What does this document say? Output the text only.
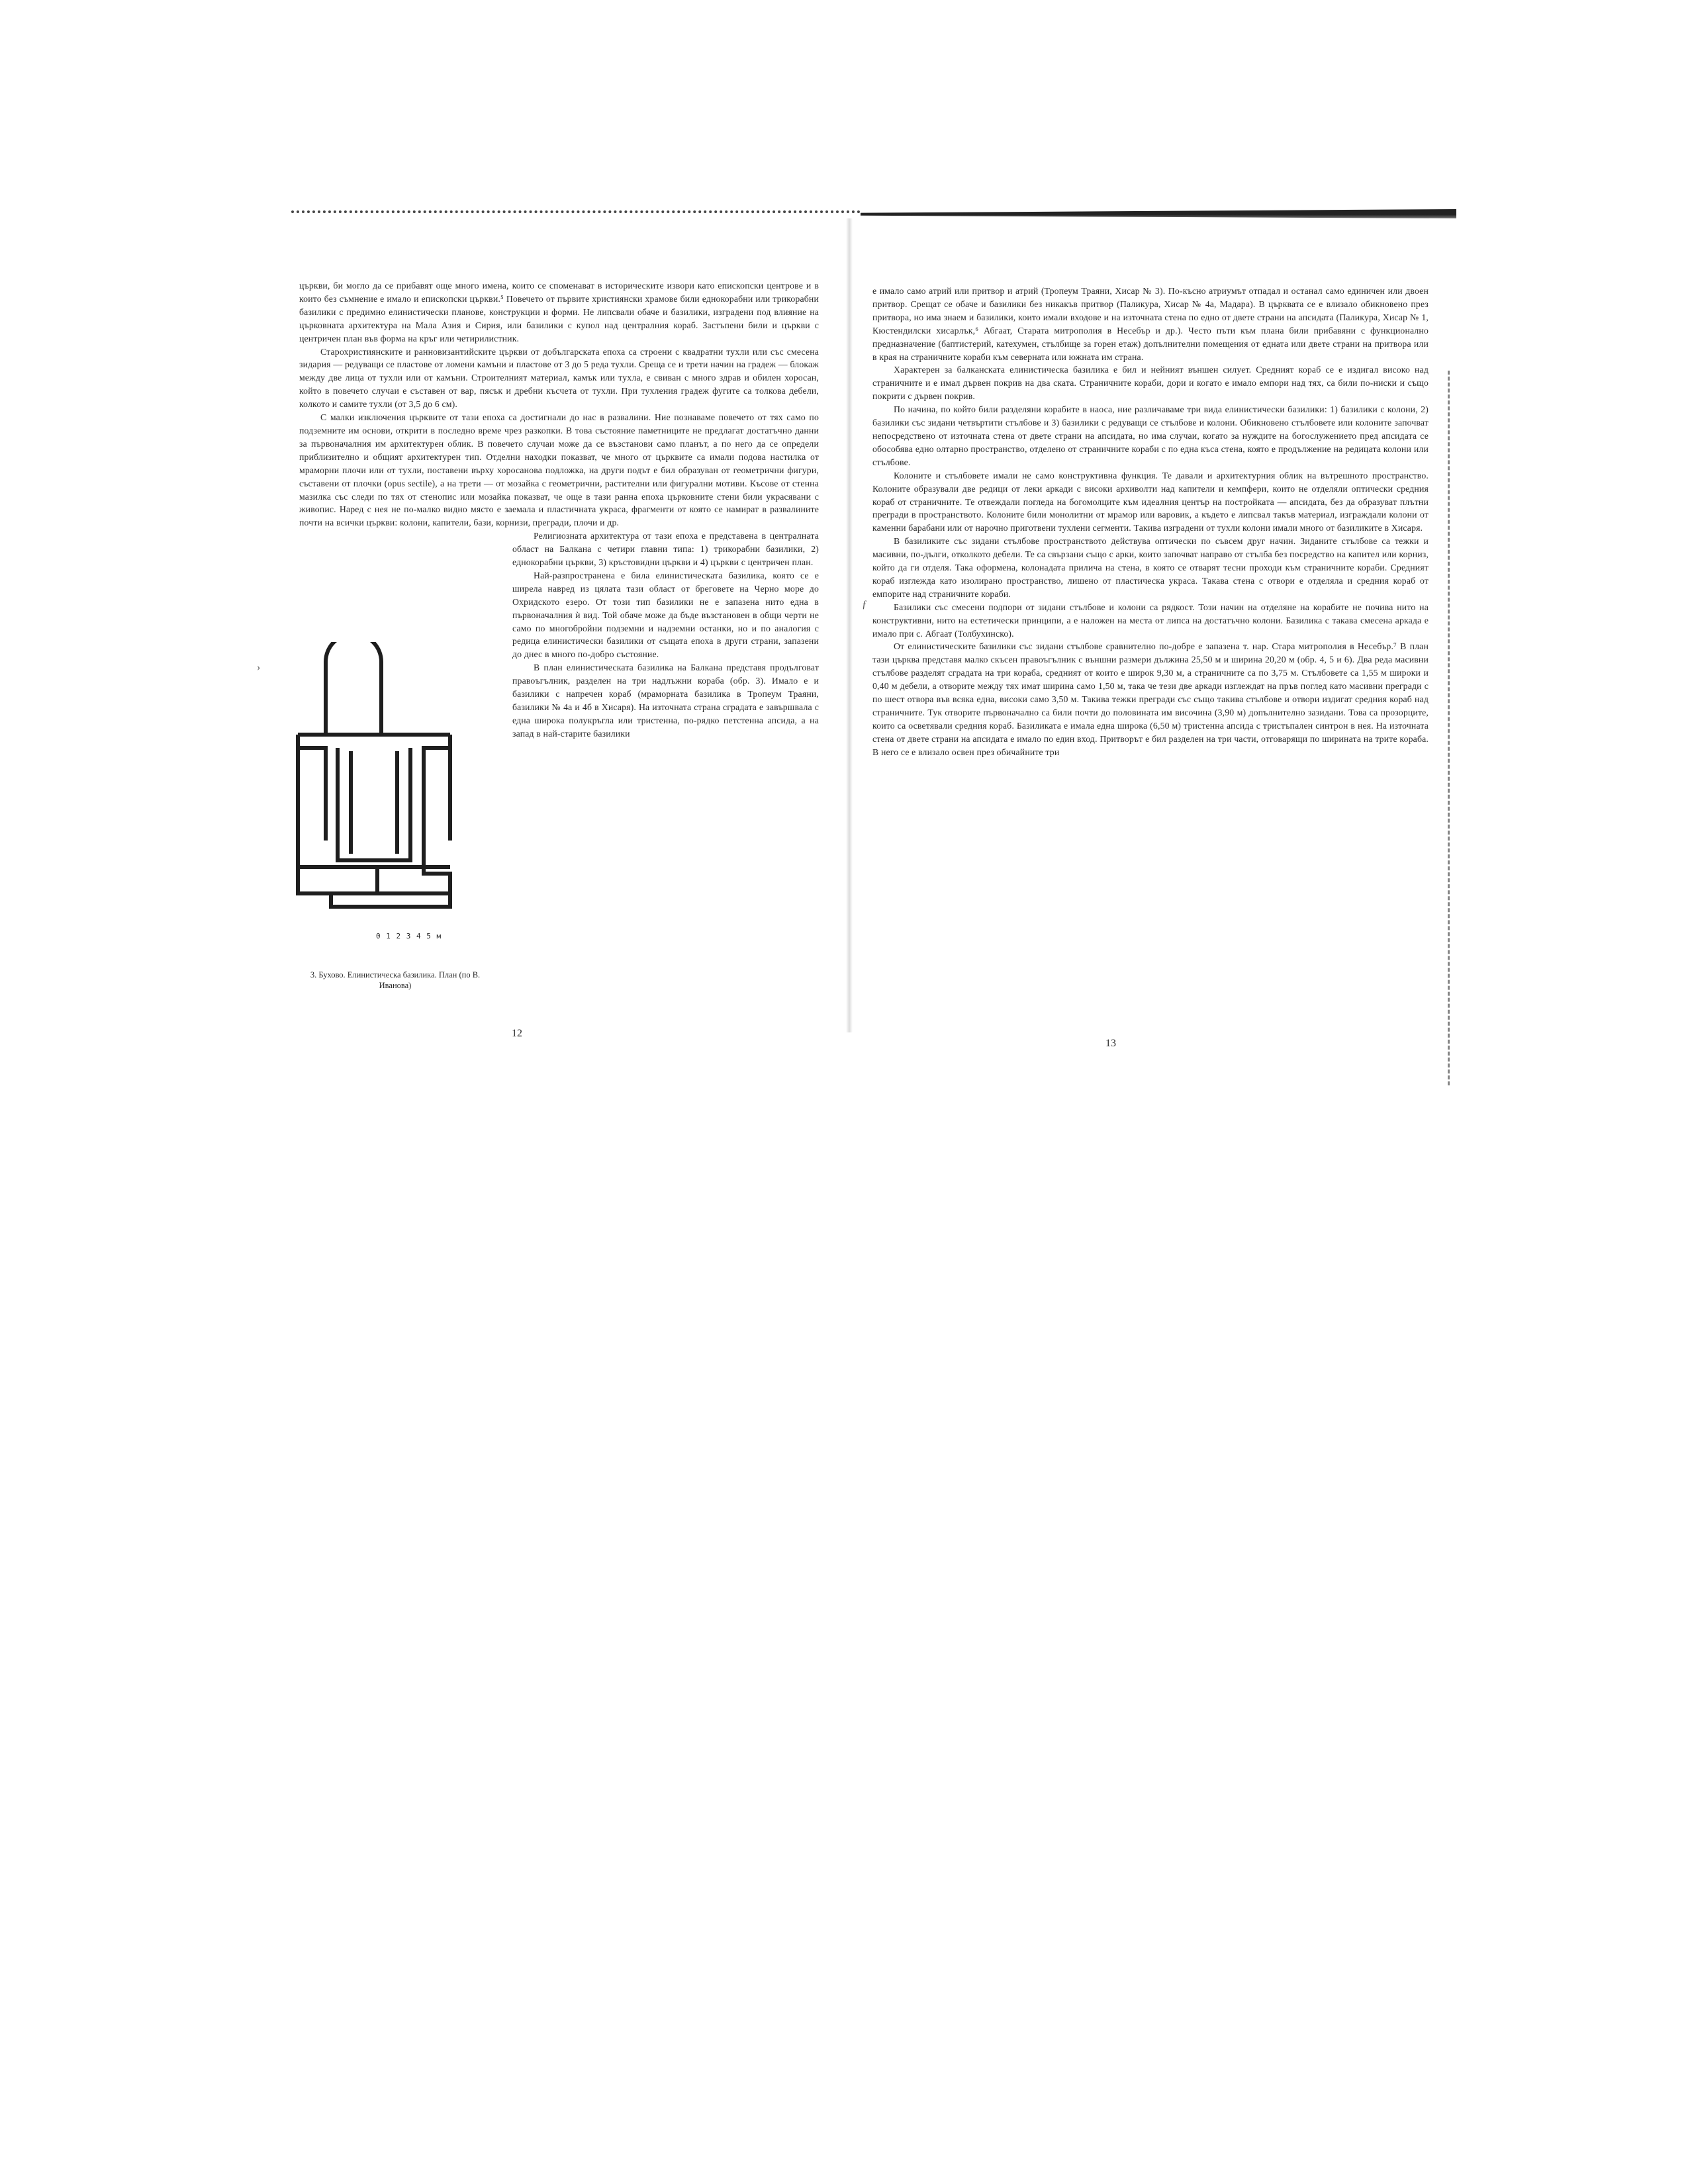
›
ƒ

църкви, би могло да се прибавят още много имена, които се споменават в историческите извори като епископски центрове и в които без съмнение е имало и епископски църкви.⁵ Повечето от първите християнски храмове били еднокорабни или трикорабни базилики с предимно елинистически планове, конструкции и форми. Не липсвали обаче и базилики, изградени под влияние на църковната архитектура на Мала Азия и Сирия, или базилики с купол над централния кораб. Застъпени били и църкви с центричен план във форма на кръг или четирилистник.

Старохристиянските и ранновизантийските църкви от добългарската епоха са строени с квадратни тухли или със смесена зидария — редуващи се пластове от ломени камъни и пластове от 3 до 5 реда тухли. Среща се и трети начин на градеж — блокаж между две лица от тухли или от камъни. Строителният материал, камък или тухла, е свиван с много здрав и обилен хоросан, който в повечето случаи е съставен от вар, пясък и дребни късчета от тухли. При тухления градеж фугите са толкова дебели, колкото и самите тухли (от 3,5 до 6 см).

С малки изключения църквите от тази епоха са достигнали до нас в развалини. Ние познаваме повечето от тях само по подземните им основи, открити в последно време чрез разкопки. В това състояние паметниците не предлагат достатъчно данни за първоначалния им архитектурен облик. В повечето случаи може да се възстанови само планът, а по него да се определи приблизително и общият архитектурен тип. Отделни находки показват, че много от църквите са имали подова настилка от мраморни плочи или от тухли, поставени върху хоросанова подложка, на други подът е бил образуван от геометрични фигури, съставени от плочки (opus sectile), а на трети — от мозайка с геометрични, растителни или фигурални мотиви. Късове от стенна мазилка със следи по тях от стенопис или мозайка показват, че още в тази ранна епоха църковните стени били украсявани с живопис. Наред с нея не по-малко видно място е заемала и пластичната украса, фрагменти от която се намират в развалините почти на всички църкви: колони, капители, бази, корнизи, прегради, плочи и др.

Религиозната архитектура от тази епоха е представена в централната област на Балкана с четири главни типа: 1) трикорабни базилики, 2) еднокорабни църкви, 3) кръстовидни църкви и 4) църкви с центричен план.

Най-разпространена е била елинистическата базилика, която се е ширела навред из цялата тази област от бреговете на Черно море до Охридското езеро. От този тип базилики не е запазена нито една в първоначалния ѝ вид. Той обаче може да бъде възстановен в общи черти не само по многобройни подземни и надземни останки, но и по аналогия с редица елинистически базилики от същата епоха в други страни, запазени до днес в много по-добро състояние.

В план елинистическата базилика на Балкана представя продълговат правоъгълник, разделен на три надлъжни кораба (обр. 3). Имало е и базилики с напречен кораб (мраморната базилика в Тропеум Траяни, базилики № 4а и 4б в Хисаря). На източната страна сградата е завършвала с една широка полукръгла или тристенна, по-рядко петстенна апсида, а на запад в най-старите базилики

0 1 2 3 4 5 м
3. Бухово. Елинистическа базилика. План (по В. Иванова)
12

е имало само атрий или притвор и атрий (Тропеум Траяни, Хисар № 3). По-късно атриумът отпадал и останал само единичен или двоен притвор. Срещат се обаче и базилики без никакъв притвор (Паликура, Хисар № 4а, Мадара). В църквата се е влизало обикновено през притвора, но има знаем и базилики, които имали входове и на източната стена по едно от двете страни на апсидата (Паликура, Хисар № 1, Кюстендилски хисарлък,⁶ Абгаат, Старата митрополия в Несебър и др.). Често пъти към плана били прибавяни с функционално предназначение (баптистерий, катехумен, стълбище за горен етаж) допълнителни помещения от едната или двете страни на притвора или в края на страничните кораби към северната или южната им страна.

Характерен за балканската елинистическа базилика е бил и нейният външен силует. Средният кораб се е издигал високо над страничните и е имал дървен покрив на два ската. Страничните кораби, дори и когато е имало емпори над тях, са били по-ниски и също покрити с дървен покрив.

По начина, по който били разделяни корабите в наоса, ние различаваме три вида елинистически базилики: 1) базилики с колони, 2) базилики със зидани четвъртити стълбове и 3) базилики с редуващи се стълбове и колони. Обикновено стълбовете или колоните започват непосредствено от източната стена от двете страни на апсидата, но има случаи, когато за нуждите на богослужението пред апсидата се обособява едно олтарно пространство, отделено от страничните кораби с по една къса стена, която е продължение на редицата колони или стълбове.

Колоните и стълбовете имали не само конструктивна функция. Те давали и архитектурния облик на вътрешното пространство. Колоните образували две редици от леки аркади с високи архиволти над капители и кемпфери, които не отделяли оптически средния кораб от страничните. Те отвеждали погледа на богомолците към идеалния център на постройката — апсидата, без да образуват плътни прегради в пространството. Колоните били монолитни от мрамор или варовик, а където е липсвал такъв материал, изграждали колони от каменни барабани или от нарочно приготвени тухлени сегменти. Такива изградени от тухли колони имали много от базиликите в Хисаря.

В базиликите със зидани стълбове пространството действува оптически по съвсем друг начин. Зиданите стълбове са тежки и масивни, по-дълги, отколкото дебели. Те са свързани също с арки, които започват направо от стълба без посредство на капител или корниз, който да ги отделя. Така оформена, колонадата прилича на стена, в която се отварят тесни проходи към страничните кораби. Средният кораб изглежда като изолирано пространство, лишено от пластическа украса. Такава стена с отвори е отделяла и средния кораб от емпорите над страничните кораби.

Базилики със смесени подпори от зидани стълбове и колони са рядкост. Този начин на отделяне на корабите не почива нито на конструктивни, нито на естетически принципи, а е наложен на места от липса на достатъчно колони. Базилика с такава смесена аркада е имало при с. Абгаат (Толбухинско).

От елинистическите базилики със зидани стълбове сравнително по-добре е запазена т. нар. Стара митрополия в Несебър.⁷ В план тази църква представя малко скъсен правоъгълник с външни размери дължина 25,50 м и ширина 20,20 м (обр. 4, 5 и 6). Два реда масивни стълбове разделят сградата на три кораба, средният от които е широк 9,30 м, а страничните са по 3,75 м. Стълбовете са 1,55 м широки и 0,40 м дебели, а отворите между тях имат ширина само 1,50 м, така че тези две аркади изглеждат на пръв поглед като масивни прегради с по шест отвора във всяка една, високи само 3,50 м. Такива тежки прегради със също такива стълбове и отвори издигат средния кораб над страничните. Тук отворите първоначално са били почти до половината им височина (3,90 м) допълнително зазидани. Това са прозорците, които са осветявали средния кораб. Базиликата е имала една широка (6,50 м) тристенна апсида с тристъпален синтрон в нея. На източната стена от двете страни на апсидата е имало по един вход. Притворът е бил разделен на три части, отговарящи по ширината на трите кораба. В него се е влизало освен през обичайните три

13
